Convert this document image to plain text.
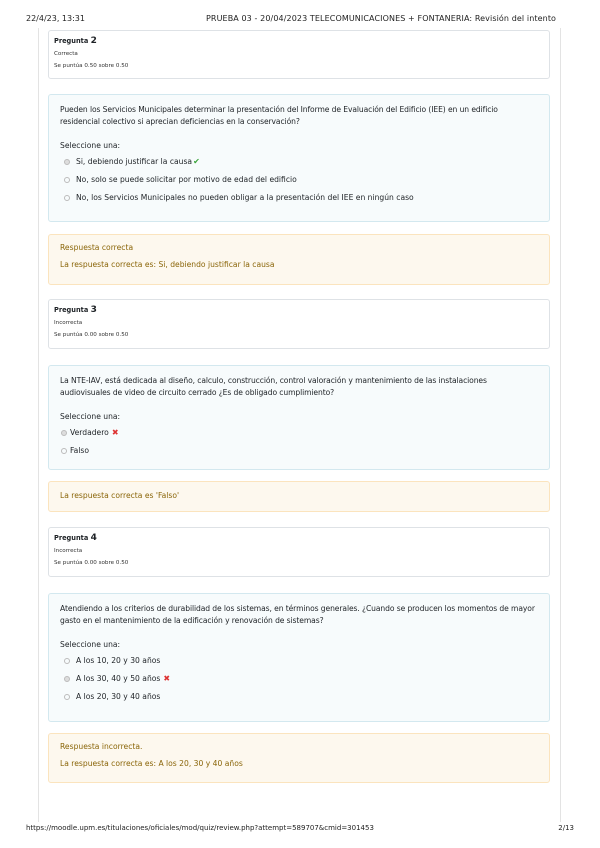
22/4/23, 13:31	PRUEBA 03 - 20/04/2023 TELECOMUNICACIONES + FONTANERIA: Revisión del intento
Pregunta 2
Correcta
Se puntúa 0.50 sobre 0.50

Pueden los Servicios Municipales determinar la presentación del Informe de Evaluación del Edificio (IEE) en un edificio residencial colectivo si aprecian deficiencias en la conservación?

Seleccione una:
Si, debiendo justificar la causa ✔
No, solo se puede solicitar por motivo de edad del edificio
No, los Servicios Municipales no pueden obligar a la presentación del IEE en ningún caso
Respuesta correcta
La respuesta correcta es: Si, debiendo justificar la causa
Pregunta 3
Incorrecta
Se puntúa 0.00 sobre 0.50

La NTE-IAV, está dedicada al diseño, calculo, construcción, control valoración y mantenimiento de las instalaciones audiovisuales de video de circuito cerrado ¿Es de obligado cumplimiento?

Seleccione una:
Verdadero ✖
Falso
La respuesta correcta es 'Falso'
Pregunta 4
Incorrecta
Se puntúa 0.00 sobre 0.50

Atendiendo a los criterios de durabilidad de los sistemas, en términos generales. ¿Cuando se producen los momentos de mayor gasto en el mantenimiento de la edificación y renovación de sistemas?

Seleccione una:
A los 10, 20 y 30 años
A los 30, 40 y 50 años ✖
A los 20, 30 y 40 años
Respuesta incorrecta.
La respuesta correcta es: A los 20, 30 y 40 años
https://moodle.upm.es/titulaciones/oficiales/mod/quiz/review.php?attempt=589707&cmid=301453	2/13
